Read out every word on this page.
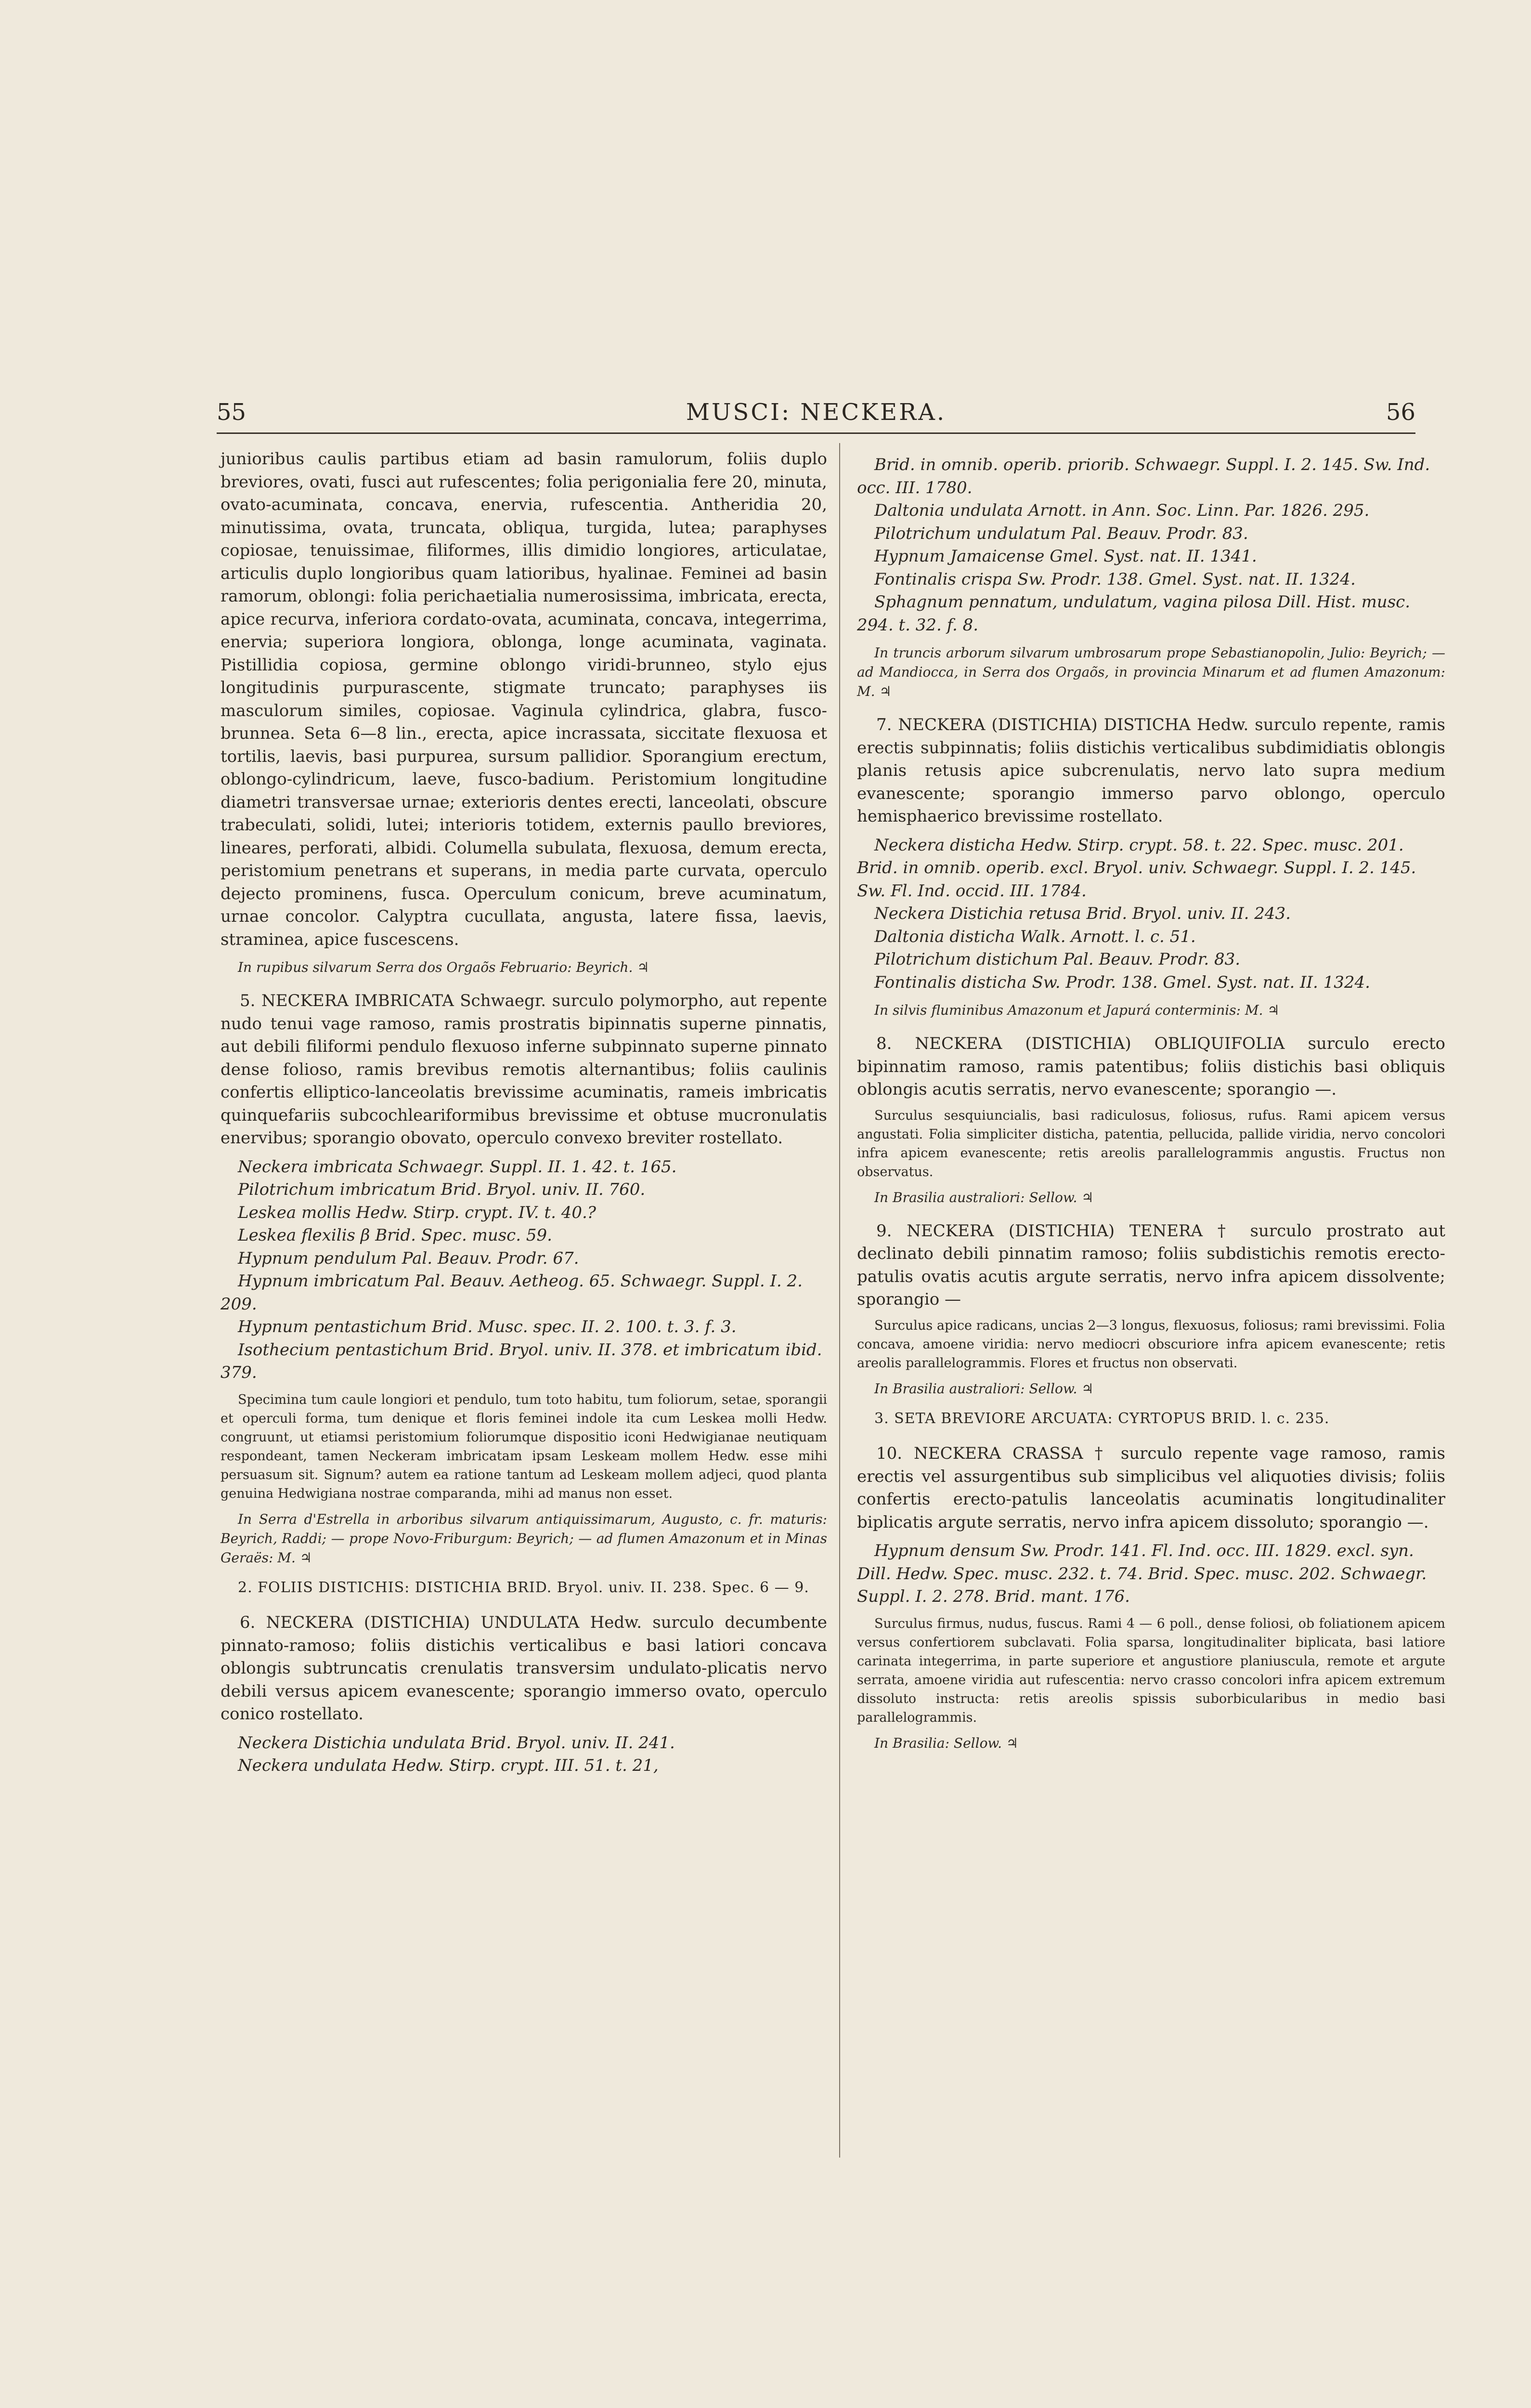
55	MUSCI: NECKERA.	56

junioribus caulis partibus etiam ad basin ramulorum, foliis duplo breviores, ovati, fusci aut rufescentes; folia perigonialia fere 20, minuta, ovato-acuminata, concava, enervia, rufescentia. Antheridia 20, minutissima, ovata, truncata, obliqua, turgida, lutea; paraphyses copiosae, tenuissimae, filiformes, illis dimidio longiores, articulatae, articulis duplo longioribus quam latioribus, hyalinae. Feminei ad basin ramorum, oblongi: folia perichaetialia numerosissima, imbricata, erecta, apice recurva, inferiora cordato-ovata, acuminata, concava, integerrima, enervia; superiora longiora, oblonga, longe acuminata, vaginata. Pistillidia copiosa, germine oblongo viridi-brunneo, stylo ejus longitudinis purpurascente, stigmate truncato; paraphyses iis masculorum similes, copiosae. Vaginula cylindrica, glabra, fusco-brunnea. Seta 6—8 lin., erecta, apice incrassata, siccitate flexuosa et tortilis, laevis, basi purpurea, sursum pallidior. Sporangium erectum, oblongo-cylindricum, laeve, fusco-badium. Peristomium longitudine diametri transversae urnae; exterioris dentes erecti, lanceolati, obscure trabeculati, solidi, lutei; interioris totidem, externis paullo breviores, lineares, perforati, albidi. Columella subulata, flexuosa, demum erecta, peristomium penetrans et superans, in media parte curvata, operculo dejecto prominens, fusca. Operculum conicum, breve acuminatum, urnae concolor. Calyptra cucullata, angusta, latere fissa, laevis, straminea, apice fuscescens.

In rupibus silvarum Serra dos Orgaõs Februario: Beyrich. ♃

5. NECKERA IMBRICATA Schwaegr. surculo polymorpho, aut repente nudo tenui vage ramoso, ramis prostratis bipinnatis superne pinnatis, aut debili filiformi pendulo flexuoso inferne subpinnato superne pinnato dense folioso, ramis brevibus remotis alternantibus; foliis caulinis confertis elliptico-lanceolatis brevissime acuminatis, rameis imbricatis quinquefariis subcochleariformibus brevissime et obtuse mucronulatis enervibus; sporangio obovato, operculo convexo breviter rostellato.

Neckera imbricata Schwaegr. Suppl. II. 1. 42. t. 165.

Pilotrichum imbricatum Brid. Bryol. univ. II. 760.

Leskea mollis Hedw. Stirp. crypt. IV. t. 40.?

Leskea flexilis β Brid. Spec. musc. 59.

Hypnum pendulum Pal. Beauv. Prodr. 67.

Hypnum imbricatum Pal. Beauv. Aetheog. 65. Schwaegr. Suppl. I. 2. 209.

Hypnum pentastichum Brid. Musc. spec. II. 2. 100. t. 3. f. 3.

Isothecium pentastichum Brid. Bryol. univ. II. 378. et imbricatum ibid. 379.

Specimina tum caule longiori et pendulo, tum toto habitu, tum foliorum, setae, sporangii et operculi forma, tum denique et floris feminei indole ita cum Leskea molli Hedw. congruunt, ut etiamsi peristomium foliorumque dispositio iconi Hedwigianae neutiquam respondeant, tamen Neckeram imbricatam ipsam Leskeam mollem Hedw. esse mihi persuasum sit. Signum? autem ea ratione tantum ad Leskeam mollem adjeci, quod planta genuina Hedwigiana nostrae comparanda, mihi ad manus non esset.

In Serra d'Estrella in arboribus silvarum antiquissimarum, Augusto, c. fr. maturis: Beyrich, Raddi; — prope Novo-Friburgum: Beyrich; — ad flumen Amazonum et in Minas Geraës: M. ♃

2. FOLIIS DISTICHIS: DISTICHIA BRID. Bryol. univ. II. 238. Spec. 6 — 9.

6. NECKERA (DISTICHIA) UNDULATA Hedw. surculo decumbente pinnato-ramoso; foliis distichis verticalibus e basi latiori concava oblongis subtruncatis crenulatis transversim undulato-plicatis nervo debili versus apicem evanescente; sporangio immerso ovato, operculo conico rostellato.

Neckera Distichia undulata Brid. Bryol. univ. II. 241.

Neckera undulata Hedw. Stirp. crypt. III. 51. t. 21,

Brid. in omnib. operib. priorib. Schwaegr. Suppl. I. 2. 145. Sw. Ind. occ. III. 1780.

Daltonia undulata Arnott. in Ann. Soc. Linn. Par. 1826. 295.

Pilotrichum undulatum Pal. Beauv. Prodr. 83.

Hypnum Jamaicense Gmel. Syst. nat. II. 1341.

Fontinalis crispa Sw. Prodr. 138. Gmel. Syst. nat. II. 1324.

Sphagnum pennatum, undulatum, vagina pilosa Dill. Hist. musc. 294. t. 32. f. 8.

In truncis arborum silvarum umbrosarum prope Sebastianopolin, Julio: Beyrich; — ad Mandiocca, in Serra dos Orgaõs, in provincia Minarum et ad flumen Amazonum: M. ♃

7. NECKERA (DISTICHIA) DISTICHA Hedw. surculo repente, ramis erectis subpinnatis; foliis distichis verticalibus subdimidiatis oblongis planis retusis apice subcrenulatis, nervo lato supra medium evanescente; sporangio immerso parvo oblongo, operculo hemisphaerico brevissime rostellato.

Neckera disticha Hedw. Stirp. crypt. 58. t. 22. Spec. musc. 201. Brid. in omnib. operib. excl. Bryol. univ. Schwaegr. Suppl. I. 2. 145. Sw. Fl. Ind. occid. III. 1784.

Neckera Distichia retusa Brid. Bryol. univ. II. 243.

Daltonia disticha Walk. Arnott. l. c. 51.

Pilotrichum distichum Pal. Beauv. Prodr. 83.

Fontinalis disticha Sw. Prodr. 138. Gmel. Syst. nat. II. 1324.

In silvis fluminibus Amazonum et Japurá conterminis: M. ♃

8. NECKERA (DISTICHIA) OBLIQUIFOLIA surculo erecto bipinnatim ramoso, ramis patentibus; foliis distichis basi obliquis oblongis acutis serratis, nervo evanescente; sporangio —.

Surculus sesquiuncialis, basi radiculosus, foliosus, rufus. Rami apicem versus angustati. Folia simpliciter disticha, patentia, pellucida, pallide viridia, nervo concolori infra apicem evanescente; retis areolis parallelogrammis angustis. Fructus non observatus.

In Brasilia australiori: Sellow. ♃

9. NECKERA (DISTICHIA) TENERA † surculo prostrato aut declinato debili pinnatim ramoso; foliis subdistichis remotis erecto-patulis ovatis acutis argute serratis, nervo infra apicem dissolvente; sporangio —

Surculus apice radicans, uncias 2—3 longus, flexuosus, foliosus; rami brevissimi. Folia concava, amoene viridia: nervo mediocri obscuriore infra apicem evanescente; retis areolis parallelogrammis. Flores et fructus non observati.

In Brasilia australiori: Sellow. ♃

3. SETA BREVIORE ARCUATA: CYRTOPUS BRID. l. c. 235.

10. NECKERA CRASSA † surculo repente vage ramoso, ramis erectis vel assurgentibus sub simplicibus vel aliquoties divisis; foliis confertis erecto-patulis lanceolatis acuminatis longitudinaliter biplicatis argute serratis, nervo infra apicem dissoluto; sporangio —.

Hypnum densum Sw. Prodr. 141. Fl. Ind. occ. III. 1829. excl. syn. Dill. Hedw. Spec. musc. 232. t. 74. Brid. Spec. musc. 202. Schwaegr. Suppl. I. 2. 278. Brid. mant. 176.

Surculus firmus, nudus, fuscus. Rami 4 — 6 poll., dense foliosi, ob foliationem apicem versus confertiorem subclavati. Folia sparsa, longitudinaliter biplicata, basi latiore carinata integerrima, in parte superiore et angustiore planiuscula, remote et argute serrata, amoene viridia aut rufescentia: nervo crasso concolori infra apicem extremum dissoluto instructa: retis areolis spissis suborbicularibus in medio basi parallelogrammis.

In Brasilia: Sellow. ♃
